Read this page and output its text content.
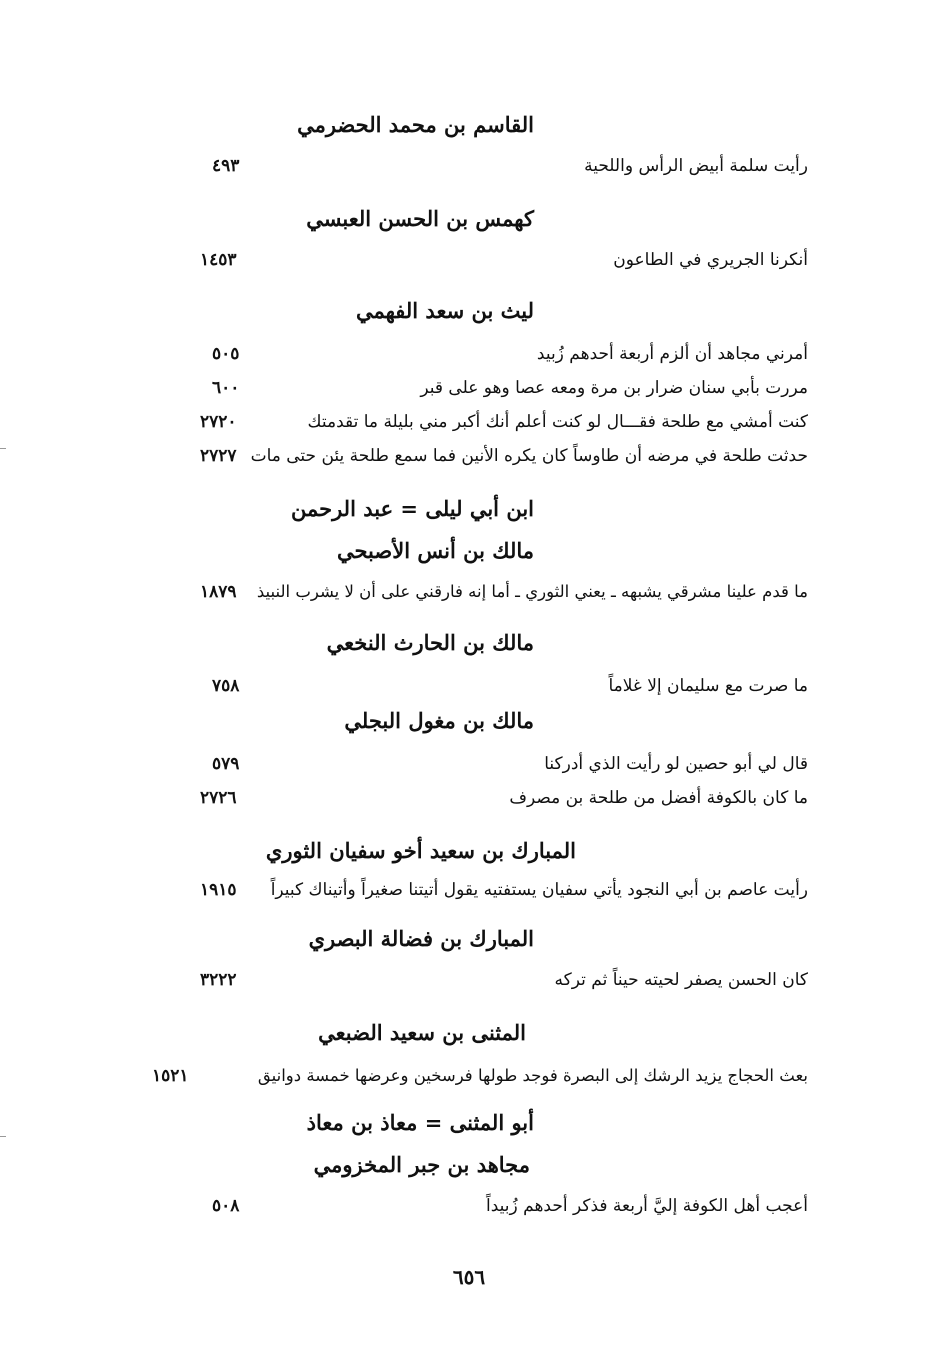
القاسم بن محمد الحضرمي
رأيت سلمة أبيض الرأس واللحية
٤٩٣
كهمس بن الحسن العبسي
أنكرنا الجريري في الطاعون
١٤٥٣
ليث بن سعد الفهمي
أمرني مجاهد أن ألزم أربعة أحدهم زُبيد
٥٠٥
مررت بأبي سنان ضرار بن مرة ومعه عصا وهو على قبر
٦٠٠
كنت أمشي مع طلحة فقـــال لو كنت أعلم أنك أكبر مني بليلة ما تقدمتك
٢٧٢٠
حدثت طلحة في مرضه أن طاوساً كان يكره الأنين فما سمع طلحة يئن حتى مات
٢٧٢٧
ابن أبي ليلى = عبد الرحمن
مالك بن أنس الأصبحي
ما قدم علينا مشرقي يشبهه ـ يعني الثوري ـ أما إنه فارقني على أن لا يشرب النبيذ
١٨٧٩
مالك بن الحارث النخعي
ما صرت مع سليمان إلا غلاماً
٧٥٨
مالك بن مغول البجلي
قال لي أبو حصين لو رأيت الذي أدركنا
٥٧٩
ما كان بالكوفة أفضل من طلحة بن مصرف
٢٧٢٦
المبارك بن سعيد أخو سفيان الثوري
رأيت عاصم بن أبي النجود يأتي سفيان يستفتيه يقول أتيتنا صغيراً وأتيناك كبيراً
١٩١٥
المبارك بن فضالة البصري
كان الحسن يصفر لحيته حيناً ثم تركه
٣٢٢٢
المثنى بن سعيد الضبعي
بعث الحجاج يزيد الرشك إلى البصرة فوجد طولها فرسخين وعرضها خمسة دوانيق
١٥٢١
أبو المثنى = معاذ بن معاذ
مجاهد بن جبر المخزومي
أعجب أهل الكوفة إليَّ أربعة فذكر أحدهم زُبيداً
٥٠٨
٦٥٦
